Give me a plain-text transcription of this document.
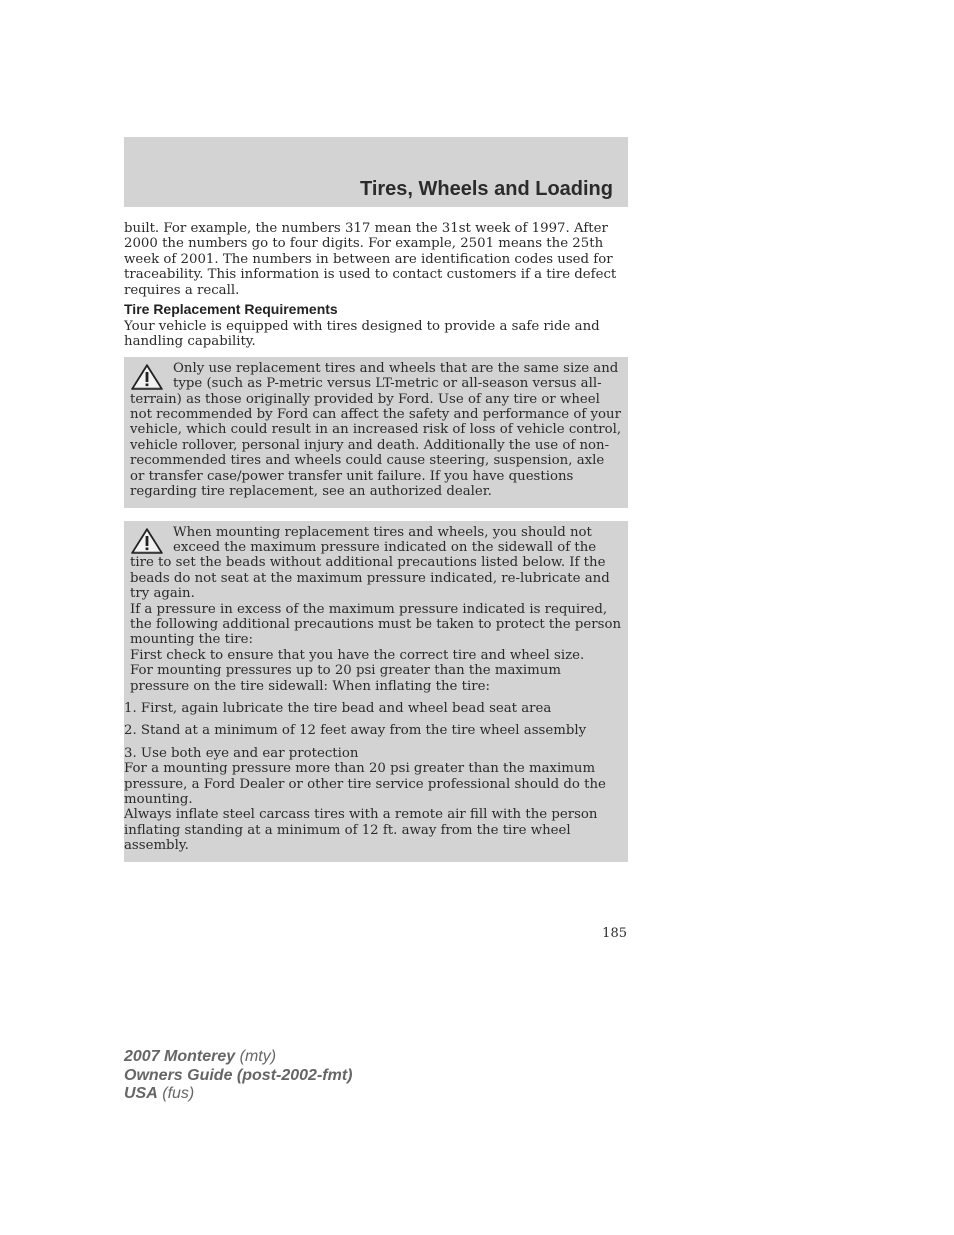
Tires, Wheels and Loading

built. For example, the numbers 317 mean the 31st week of 1997. After 2000 the numbers go to four digits. For example, 2501 means the 25th week of 2001. The numbers in between are identification codes used for traceability. This information is used to contact customers if a tire defect requires a recall.

Tire Replacement Requirements

Your vehicle is equipped with tires designed to provide a safe ride and handling capability.

Only use replacement tires and wheels that are the same size and type (such as P-metric versus LT-metric or all-season versus all-terrain) as those originally provided by Ford. Use of any tire or wheel not recommended by Ford can affect the safety and performance of your vehicle, which could result in an increased risk of loss of vehicle control, vehicle rollover, personal injury and death. Additionally the use of non-recommended tires and wheels could cause steering, suspension, axle or transfer case/power transfer unit failure. If you have questions regarding tire replacement, see an authorized dealer.

When mounting replacement tires and wheels, you should not exceed the maximum pressure indicated on the sidewall of the tire to set the beads without additional precautions listed below. If the beads do not seat at the maximum pressure indicated, re-lubricate and try again.

If a pressure in excess of the maximum pressure indicated is required, the following additional precautions must be taken to protect the person mounting the tire:

First check to ensure that you have the correct tire and wheel size.

For mounting pressures up to 20 psi greater than the maximum pressure on the tire sidewall: When inflating the tire:

1. First, again lubricate the tire bead and wheel bead seat area

2. Stand at a minimum of 12 feet away from the tire wheel assembly

3. Use both eye and ear protection

For a mounting pressure more than 20 psi greater than the maximum pressure, a Ford Dealer or other tire service professional should do the mounting.

Always inflate steel carcass tires with a remote air fill with the person inflating standing at a minimum of 12 ft. away from the tire wheel assembly.

185
2007 Monterey (mty)
Owners Guide (post-2002-fmt)
USA (fus)
